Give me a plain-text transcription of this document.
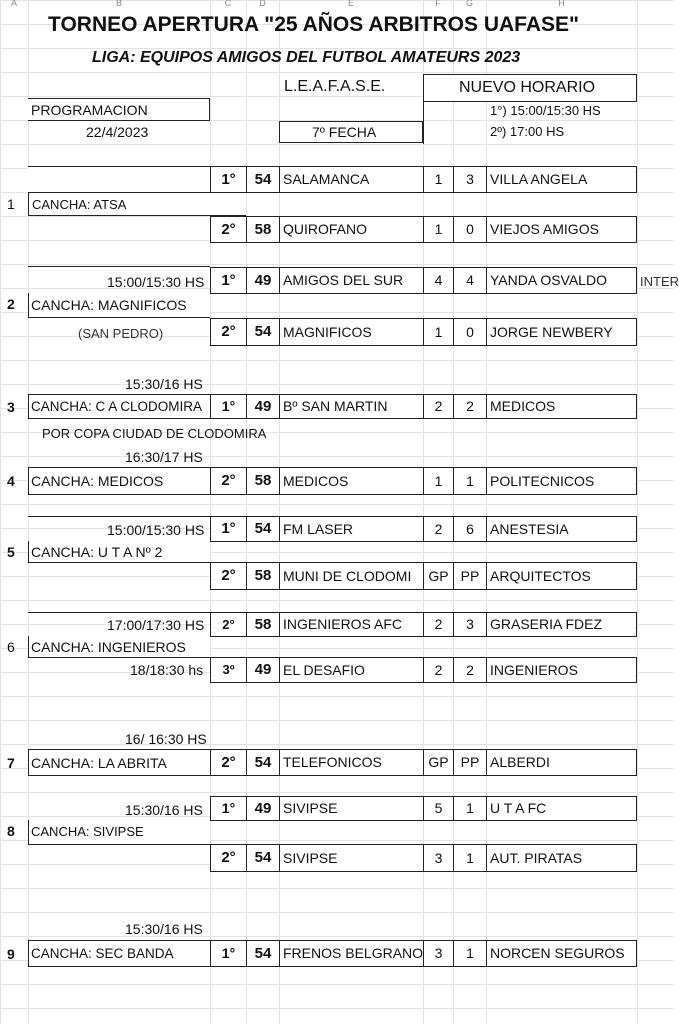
A	B	C	D	E	F	G	H
TORNEO APERTURA "25 AÑOS ARBITROS UAFASE"
LIGA: EQUIPOS AMIGOS DEL FUTBOL AMATEURS 2023
L.E.A.F.A.S.E.	NUEVO HORARIO
1°) 15:00/15:30 HS
2º) 17:00 HS
PROGRAMACION
22/4/2023	7º FECHA
1°	54 SALAMANCA	1	3	VILLA ANGELA
1 CANCHA: ATSA
2°	58 QUIROFANO	1	0	VIEJOS AMIGOS
15:00/15:30 HS	1°	49 AMIGOS DEL SUR	4	4	YANDA OSVALDO	INTER
2 CANCHA: MAGNIFICOS
(SAN PEDRO)	2°	54 MAGNIFICOS	1	0	JORGE NEWBERY
15:30/16 HS
3 CANCHA: C A CLODOMIRA	1°	49 Bº SAN MARTIN	2	2	MEDICOS
POR COPA CIUDAD DE CLODOMIRA
16:30/17 HS
4 CANCHA: MEDICOS	2°	58 MEDICOS	1	1	POLITECNICOS
15:00/15:30 HS	1°	54 FM LASER	2	6	ANESTESIA
5 CANCHA: U T A Nº 2
2°	58 MUNI DE CLODOMI	GP PP ARQUITECTOS
17:00/17:30 HS	2°	58 INGENIEROS AFC	2	3	GRASERIA FDEZ
6 CANCHA: INGENIEROS
18/18:30 hs	3º	49 EL DESAFIO	2	2	INGENIEROS
16/ 16:30 HS
7 CANCHA: LA ABRITA	2°	54 TELEFONICOS	GP PP ALBERDI
15:30/16 HS	1°	49 SIVIPSE	5	1	U T A FC
8 CANCHA: SIVIPSE
2°	54 SIVIPSE	3	1	AUT. PIRATAS
15:30/16 HS
9 CANCHA: SEC BANDA	1°	54 FRENOS BELGRANO 3	1	NORCEN SEGUROS
